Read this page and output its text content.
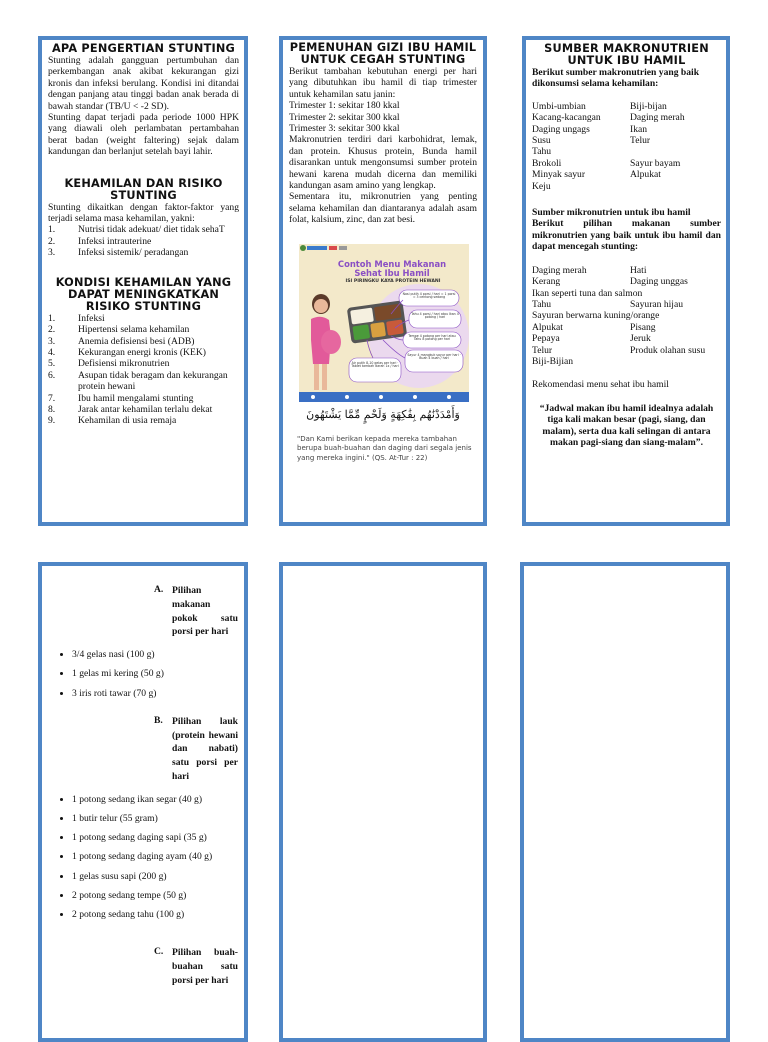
APA PENGERTIAN STUNTING

Stunting adalah gangguan pertumbuhan dan perkembangan anak akibat kekurangan gizi kronis dan infeksi berulang. Kondisi ini ditandai dengan panjang atau tinggi badan anak berada di bawah standar (TB/U < -2 SD).

Stunting dapat terjadi pada periode 1000 HPK yang diawali oleh perlambatan pertambahan berat badan (weight faltering) sejak dalam kandungan dan berlanjut setelah bayi lahir.

KEHAMILAN DAN RISIKO STUNTING

Stunting dikaitkan dengan faktor-faktor yang terjadi selama masa kehamilan, yakni:

1.	Nutrisi tidak adekuat/ diet tidak sehaT
2.	Infeksi intrauterine
3.	Infeksi sistemik/ peradangan

KONDISI KEHAMILAN YANG DAPAT MENINGKATKAN RISIKO STUNTING

1.	Infeksi
2.	Hipertensi selama kehamilan
3.	Anemia defisiensi besi (ADB)
4.	Kekurangan energi kronis (KEK)
5.	Defisiensi mikronutrien
6.	Asupan tidak beragam dan kekurangan protein hewani
7.	Ibu hamil mengalami stunting
8.	Jarak antar kehamilan terlalu dekat
9.	Kehamilan di usia remaja

PEMENUHAN GIZI IBU HAMIL UNTUK CEGAH STUNTING

Berikut tambahan kebutuhan energi per hari yang dibutuhkan ibu hamil di tiap trimester untuk kehamilan satu janin:

Trimester 1: sekitar 180 kkal

Trimester 2: sekitar 300 kkal

Trimester 3: sekitar 300 kkal

Makronutrien terdiri dari karbohidrat, lemak, dan protein. Khusus protein, Bunda hamil disarankan untuk mengonsumsi sumber protein hewani karena mudah dicerna dan memiliki kandungan asam amino yang lengkap.

Sementara itu, mikronutrien yang penting selama kehamilan dan diantaranya adalah asam folat, kalsium, zinc, dan zat besi.

Contoh Menu Makanan Sehat Ibu Hamil
ISI PIRINGKU KAYA PROTEIN HEWANI
Nasi putih 4 porsi / hari = 1 porsi = 3 centong sedang
Tahu 4 porsi / hari atau Ikan 4 potong / hari
Tempe 4 potong per hari atau Tahu 8 potong per hari
Sayur 4 mangkuk sayur per hari · Buah 4 buah / hari
Air putih 8-10 gelas per hari · Tablet tambah darah 1x / hari

وَأَمْدَدْنَٰهُم بِفَٰكِهَةٍ وَلَحْمٍ مِّمَّا يَشْتَهُونَ

"Dan Kami berikan kepada mereka tambahan berupa buah-buahan dan daging dari segala jenis yang mereka ingini." (QS. At-Tur : 22)

SUMBER MAKRONUTRIEN UNTUK IBU HAMIL

Berikut sumber makronutrien yang baik dikonsumsi selama kehamilan:

Umbi-umbian	Biji-bijan
Kacang-kacangan	Daging merah
Daging ungags	Ikan
Susu	Telur
Tahu	
Brokoli	Sayur bayam
Minyak sayur	Alpukat
Keju	

Sumber mikronutrien untuk ibu hamil

Berikut pilihan makanan sumber mikronutrien yang baik untuk ibu hamil dan dapat mencegah stunting:

Daging merah	Hati
Kerang	Daging unggas
Ikan seperti tuna dan salmon	
Tahu	Sayuran hijau
Sayuran berwarna kuning/orange	
Alpukat	Pisang
Pepaya	Jeruk
Telur	Produk olahan susu
Biji-Bijian	

Rekomendasi menu sehat ibu hamil

“Jadwal makan ibu hamil idealnya adalah tiga kali makan besar (pagi, siang, dan malam), serta dua kali selingan di antara makan pagi-siang dan siang-malam”.

A. Pilihan makanan pokok satu porsi per hari
• 3/4 gelas nasi (100 g)
• 1 gelas mi kering (50 g)
• 3 iris roti tawar (70 g)
B. Pilihan lauk (protein hewani dan nabati) satu porsi per hari
• 1 potong sedang ikan segar (40 g)
• 1 butir telur (55 gram)
• 1 potong sedang daging sapi (35 g)
• 1 potong sedang daging ayam (40 g)
• 1 gelas susu sapi (200 g)
• 2 potong sedang tempe (50 g)
• 2 potong sedang tahu (100 g)
C. Pilihan buah-buahan satu porsi per hari
